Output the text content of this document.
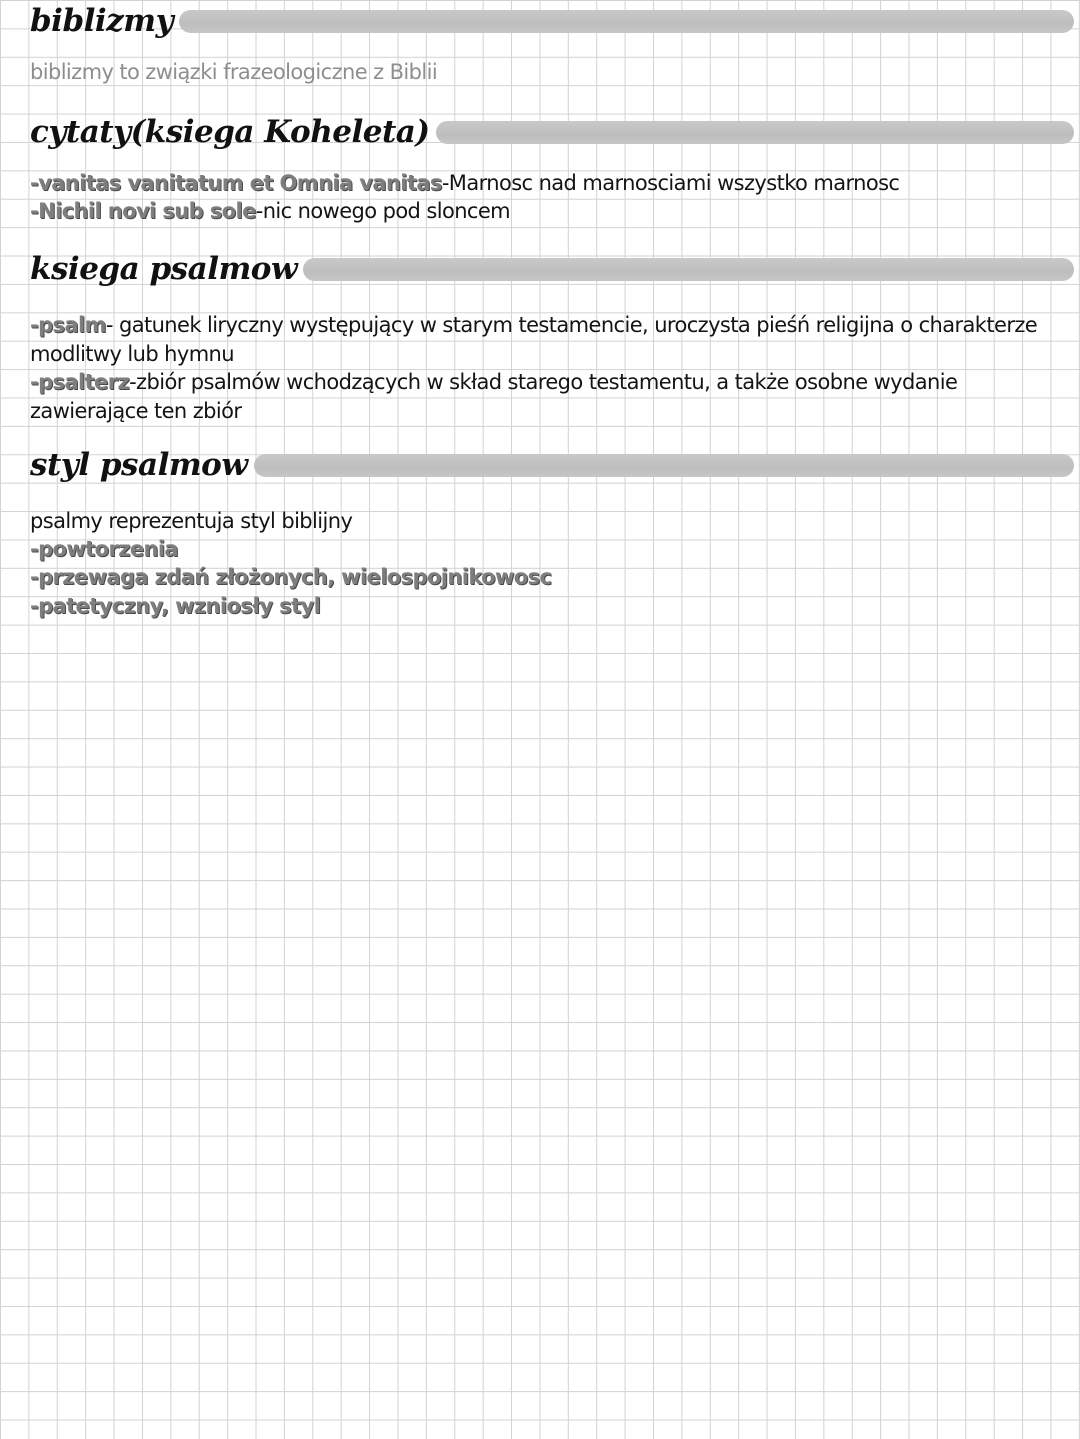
biblizmy
biblizmy to związki frazeologiczne z Biblii
cytaty(ksiega Koheleta)
-vanitas vanitatum et Omnia vanitas-Marnosc nad marnosciami wszystko marnosc
-Nichil novi sub sole-nic nowego pod sloncem
ksiega psalmow
-psalm- gatunek liryczny występujący w starym testamencie, uroczysta pieśń religijna o charakterze modlitwy lub hymnu
-psalterz-zbiór psalmów wchodzących w skład starego testamentu, a także osobne wydanie zawierające ten zbiór
styl psalmow
psalmy reprezentuja styl biblijny
-powtorzenia
-przewaga zdań złożonych, wielospojnikowosc
-patetyczny, wzniosły styl
